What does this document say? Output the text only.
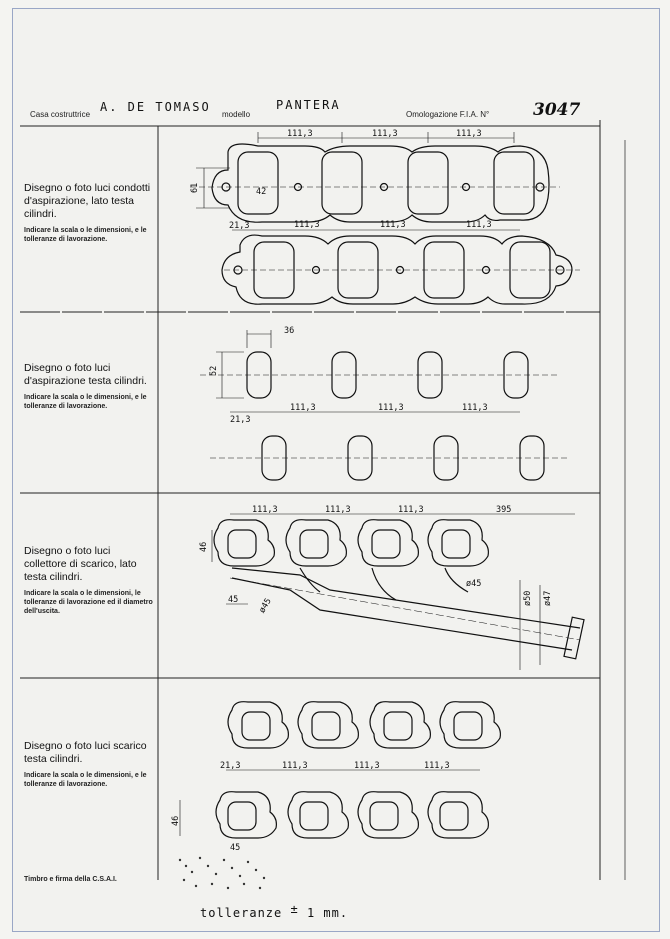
Casa costruttrice
A. DE TOMASO
modello
PANTERA
Omologazione F.I.A. N°	3047
Disegno o foto luci condotti d'aspirazione, lato testa cilindri.
Indicare la scala o le dimensioni, e le tolleranze di lavorazione.
Disegno o foto luci d'aspirazione testa cilindri.
Indicare la scala o le dimensioni, e le tolleranze di lavorazione.
Disegno o foto luci collettore di scarico, lato testa cilindri.
Indicare la scala o le dimensioni, le tolleranze di lavorazione ed il diametro dell'uscita.
Disegno o foto luci scarico testa cilindri.
Indicare la scala o le dimensioni, e le tolleranze di lavorazione.
Timbro e firma della C.S.A.I.
tolleranze ± 1 mm.
111,3	111,3	111,3
61	42
21,3	111,3	111,3	111,3
36
52
21,3
111,3	111,3	111,3
111,3	111,3	111,3	395
46
45 ø45
ø45
ø50 ø47
21,3	111,3	111,3	111,3
46
45
